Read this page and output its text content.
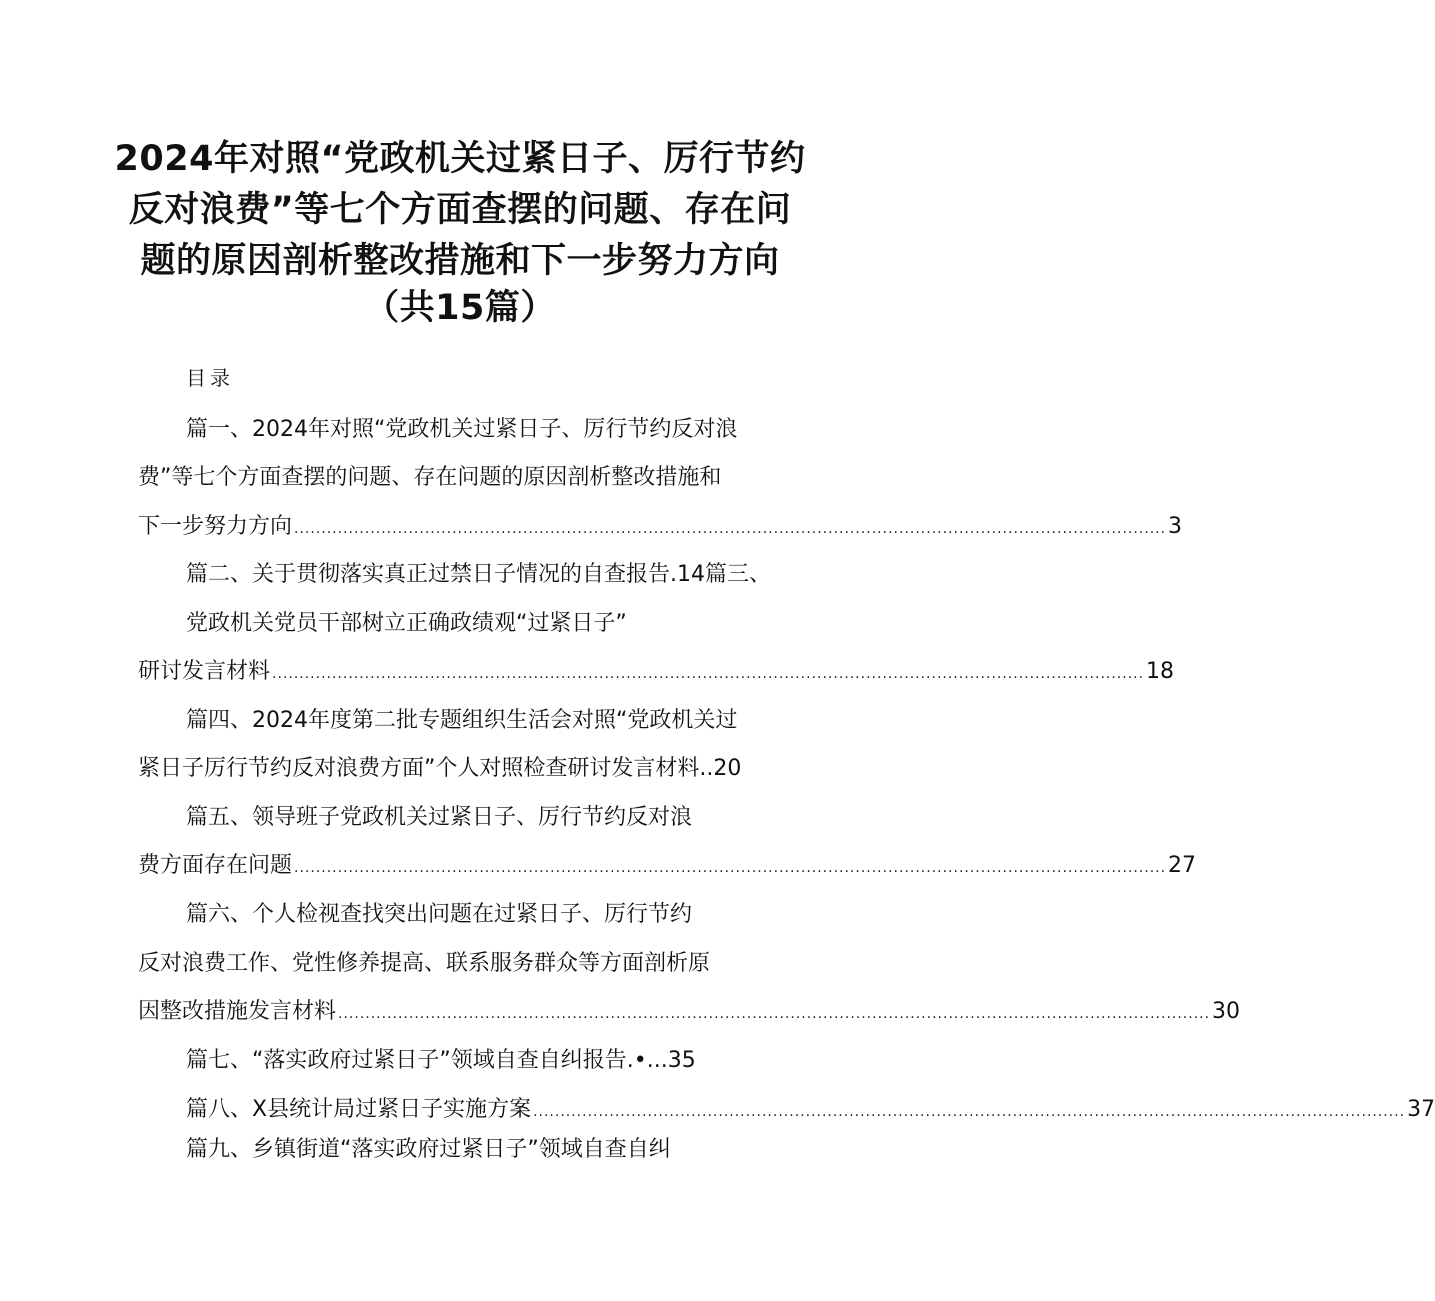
2024年对照“党政机关过紧日子、厉行节约
反对浪费”等七个方面查摆的问题、存在问
题的原因剖析整改措施和下一步努力方向
（共15篇）
目录
篇一、2024年对照“党政机关过紧日子、厉行节约反对浪
费”等七个方面查摆的问题、存在问题的原因剖析整改措施和
下一步努力方向 ................................................................................................................................................................ 3
篇二、关于贯彻落实真正过禁日子情况的自查报告.14篇三、
党政机关党员干部树立正确政绩观“过紧日子”
研讨发言材料 ................................................................................................................................................................ 18
篇四、2024年度第二批专题组织生活会对照“党政机关过
紧日子厉行节约反对浪费方面”个人对照检查研讨发言材料..20
篇五、领导班子党政机关过紧日子、厉行节约反对浪
费方面存在问题 ................................................................................................................................................................ 27
篇六、个人检视查找突出问题在过紧日子、厉行节约
反对浪费工作、党性修养提高、联系服务群众等方面剖析原
因整改措施发言材料 ................................................................................................................................................................ 30
篇七、“落实政府过紧日子”领域自查自纠报告.•...35
篇八、X县统计局过紧日子实施方案 ................................................................................................................................................................ 37
篇九、乡镇街道“落实政府过紧日子”领域自查自纠
